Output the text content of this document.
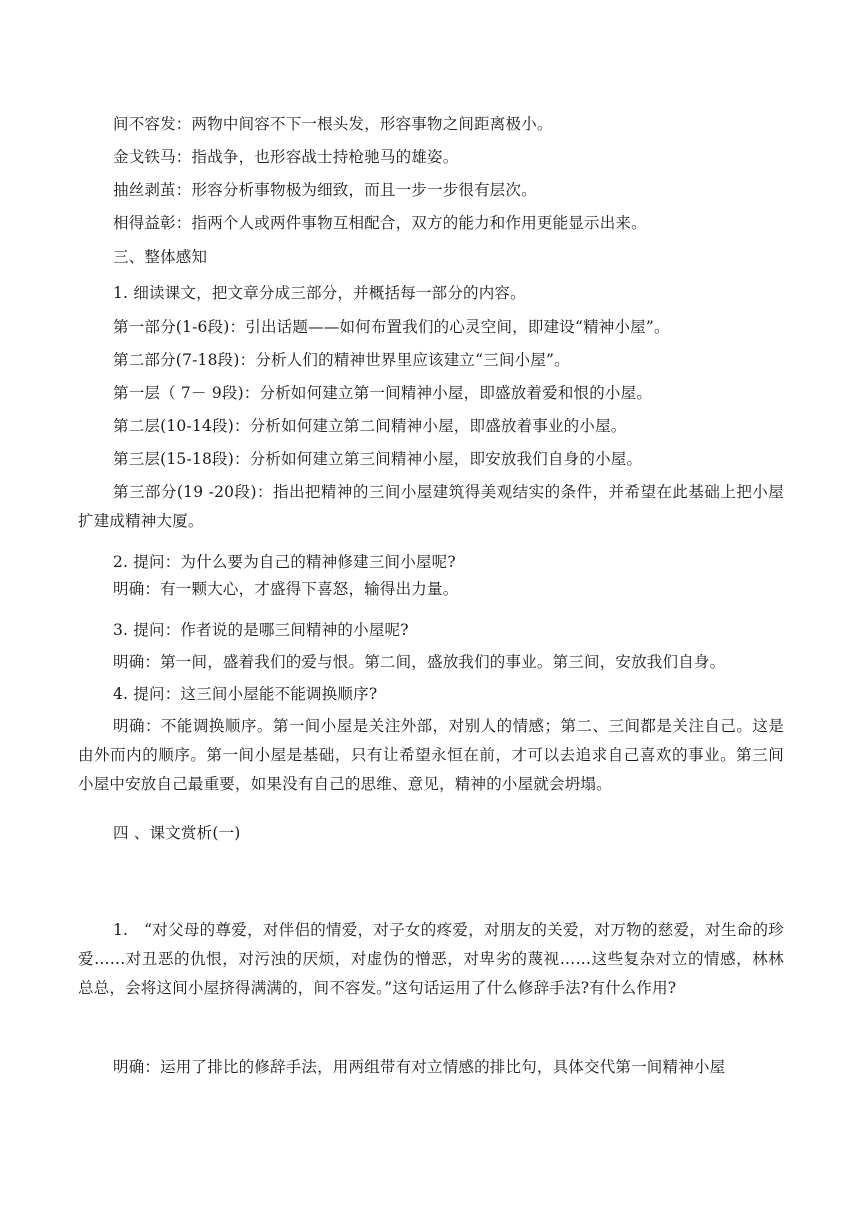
间不容发：两物中间容不下一根头发，形容事物之间距离极小。
金戈铁马：指战争，也形容战士持枪驰马的雄姿。
抽丝剥茧：形容分析事物极为细致，而且一步一步很有层次。
相得益彰：指两个人或两件事物互相配合，双方的能力和作用更能显示出来。
三、整体感知
1. 细读课文，把文章分成三部分，并概括每一部分的内容。
第一部分(1-6段)：引出话题——如何布置我们的心灵空间，即建设“精神小屋”。
第二部分(7-18段)：分析人们的精神世界里应该建立“三间小屋”。
第一层（ 7－ 9段)：分析如何建立第一间精神小屋，即盛放着爱和恨的小屋。
第二层(10-14段)：分析如何建立第二间精神小屋，即盛放着事业的小屋。
第三层(15-18段)：分析如何建立第三间精神小屋，即安放我们自身的小屋。
第三部分(19 -20段)：指出把精神的三间小屋建筑得美观结实的条件，并希望在此基础上把小屋扩建成精神大厦。
2. 提问：为什么要为自己的精神修建三间小屋呢?
明确：有一颗大心，才盛得下喜怒，输得出力量。
3. 提问：作者说的是哪三间精神的小屋呢?
明确：第一间，盛着我们的爱与恨。第二间，盛放我们的事业。第三间，安放我们自身。
4. 提问：这三间小屋能不能调换顺序?
明确：不能调换顺序。第一间小屋是关注外部，对别人的情感；第二、三间都是关注自己。这是由外而内的顺序。第一间小屋是基础，只有让希望永恒在前，才可以去追求自己喜欢的事业。第三间小屋中安放自己最重要，如果没有自己的思维、意见，精神的小屋就会坍塌。
四 、课文赏析(一)
1.　“对父母的尊爱，对伴侣的情爱，对子女的疼爱，对朋友的关爱，对万物的慈爱，对生命的珍爱……对丑恶的仇恨，对污浊的厌烦，对虚伪的憎恶，对卑劣的蔑视……这些复杂对立的情感，林林总总，会将这间小屋挤得满满的，间不容发。”这句话运用了什么修辞手法?有什么作用?
明确：运用了排比的修辞手法，用两组带有对立情感的排比句，具体交代第一间精神小屋
